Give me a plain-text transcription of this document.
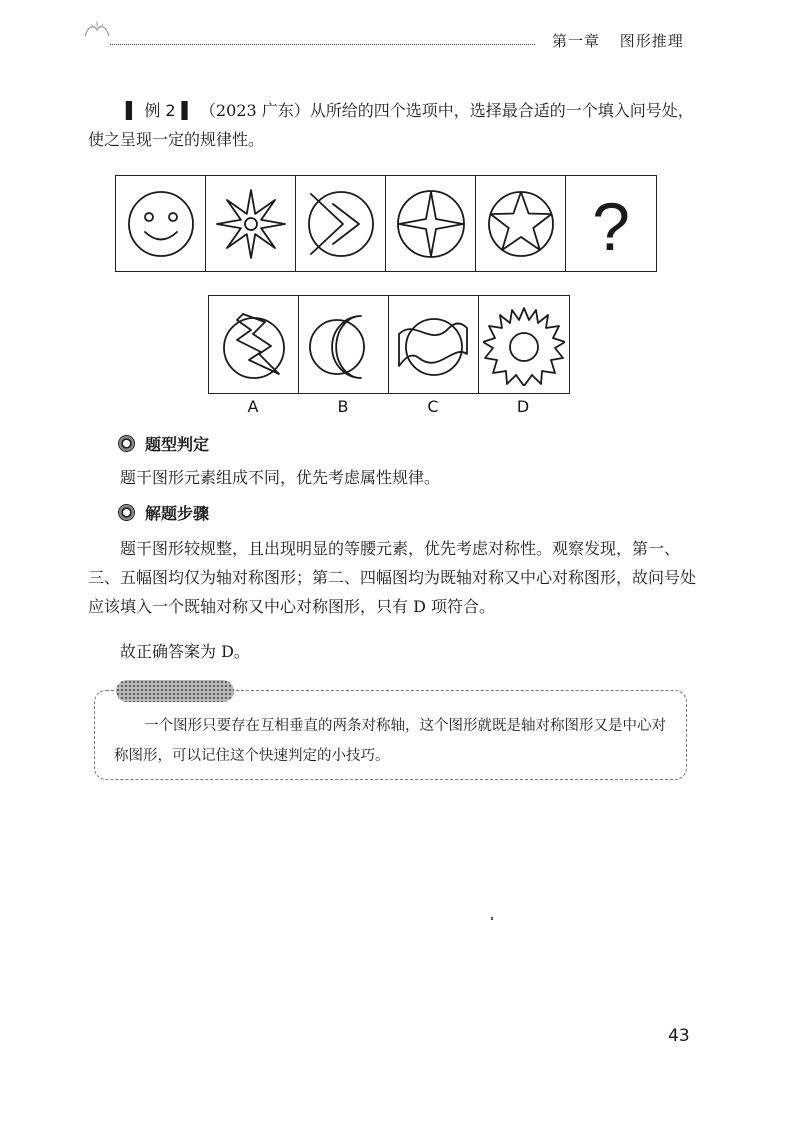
第一章 图形推理

▌ 例 2 ▌ （2023 广东）从所给的四个选项中，选择最合适的一个填入问号处，使之呈现一定的规律性。

?
A	B	C	D
题型判定

题干图形元素组成不同，优先考虑属性规律。

解题步骤

题干图形较规整，且出现明显的等腰元素，优先考虑对称性。观察发现，第一、三、五幅图均仅为轴对称图形；第二、四幅图均为既轴对称又中心对称图形，故问号处应该填入一个既轴对称又中心对称图形，只有 D 项符合。

故正确答案为 D。

一个图形只要存在互相垂直的两条对称轴，这个图形就既是轴对称图形又是中心对称图形，可以记住这个快速判定的小技巧。

43
